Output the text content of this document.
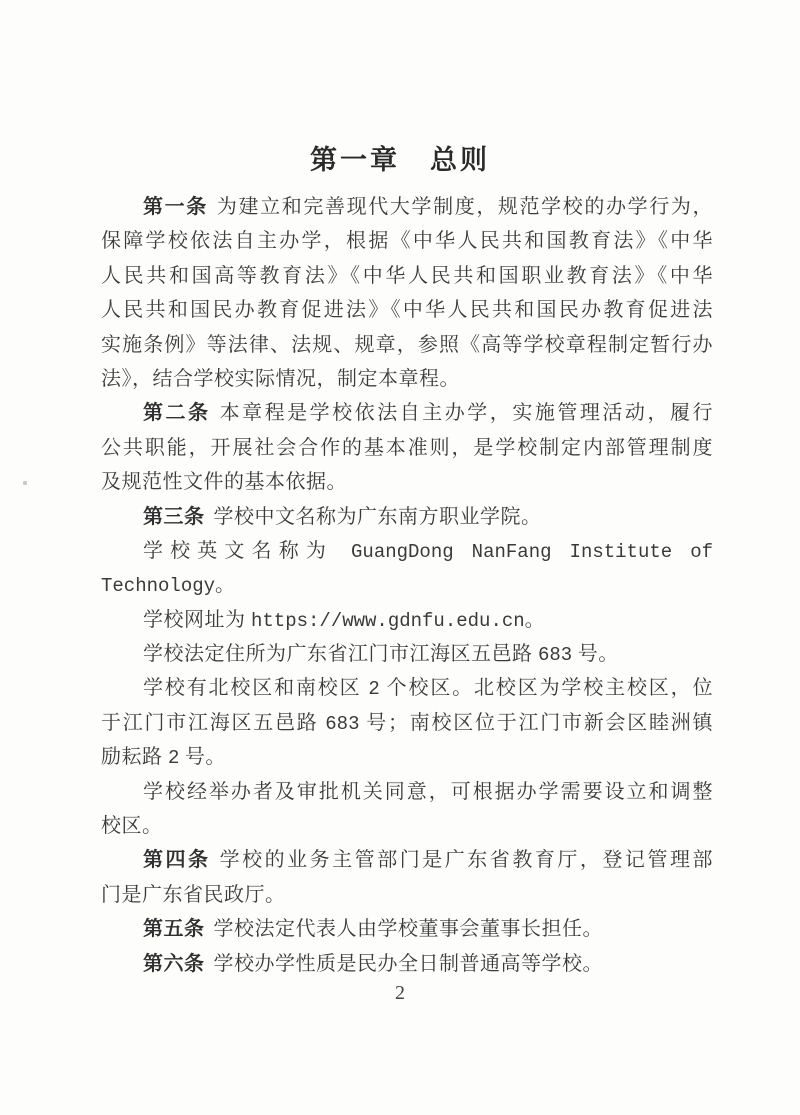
第一章　总则
第一条 为建立和完善现代大学制度，规范学校的办学行为，
保障学校依法自主办学，根据《中华人民共和国教育法》《中华
人民共和国高等教育法》《中华人民共和国职业教育法》《中华
人民共和国民办教育促进法》《中华人民共和国民办教育促进法
实施条例》等法律、法规、规章，参照《高等学校章程制定暂行办
法》，结合学校实际情况，制定本章程。
第二条 本章程是学校依法自主办学，实施管理活动，履行
公共职能，开展社会合作的基本准则，是学校制定内部管理制度
及规范性文件的基本依据。
第三条 学校中文名称为广东南方职业学院。
学校英文名称为 GuangDong NanFang Institute of
Technology。
学校网址为 https://www.gdnfu.edu.cn。
学校法定住所为广东省江门市江海区五邑路 683 号。
学校有北校区和南校区 2 个校区。北校区为学校主校区，位
于江门市江海区五邑路 683 号；南校区位于江门市新会区睦洲镇
励耘路 2 号。
学校经举办者及审批机关同意，可根据办学需要设立和调整
校区。
第四条 学校的业务主管部门是广东省教育厅，登记管理部
门是广东省民政厅。
第五条 学校法定代表人由学校董事会董事长担任。
第六条 学校办学性质是民办全日制普通高等学校。
2
